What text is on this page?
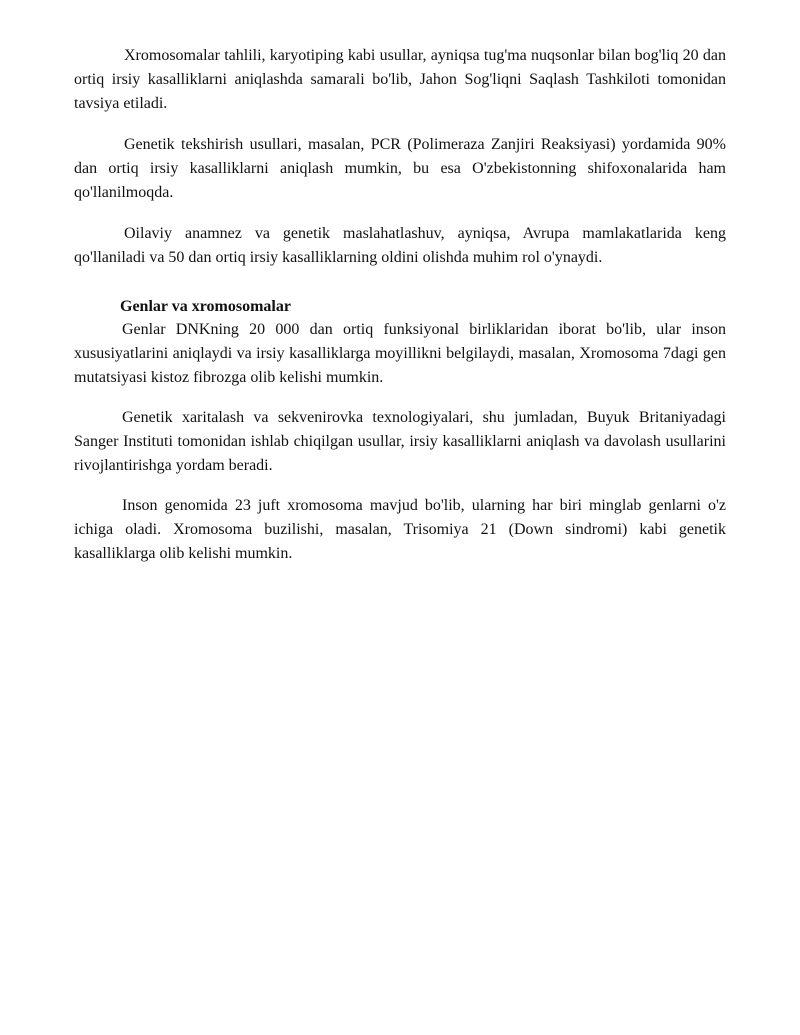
Xromosomalar tahlili, karyotiping kabi usullar, ayniqsa tug'ma nuqsonlar bilan bog'liq 20 dan ortiq irsiy kasalliklarni aniqlashda samarali bo'lib, Jahon Sog'liqni Saqlash Tashkiloti tomonidan tavsiya etiladi.

Genetik tekshirish usullari, masalan, PCR (Polimeraza Zanjiri Reaksiyasi) yordamida 90% dan ortiq irsiy kasalliklarni aniqlash mumkin, bu esa O'zbekistonning shifoxonalarida ham qo'llanilmoqda.

Oilaviy anamnez va genetik maslahatlashuv, ayniqsa, Avrupa mamlakatlarida keng qo'llaniladi va 50 dan ortiq irsiy kasalliklarning oldini olishda muhim rol o'ynaydi.

Genlar va xromosomalar

Genlar DNKning 20 000 dan ortiq funksiyonal birliklaridan iborat bo'lib, ular inson xususiyatlarini aniqlaydi va irsiy kasalliklarga moyillikni belgilaydi, masalan, Xromosoma 7dagi gen mutatsiyasi kistoz fibrozga olib kelishi mumkin.

Genetik xaritalash va sekvenirovka texnologiyalari, shu jumladan, Buyuk Britaniyadagi Sanger Instituti tomonidan ishlab chiqilgan usullar, irsiy kasalliklarni aniqlash va davolash usullarini rivojlantirishga yordam beradi.

Inson genomida 23 juft xromosoma mavjud bo'lib, ularning har biri minglab genlarni o'z ichiga oladi. Xromosoma buzilishi, masalan, Trisomiya 21 (Down sindromi) kabi genetik kasalliklarga olib kelishi mumkin.
